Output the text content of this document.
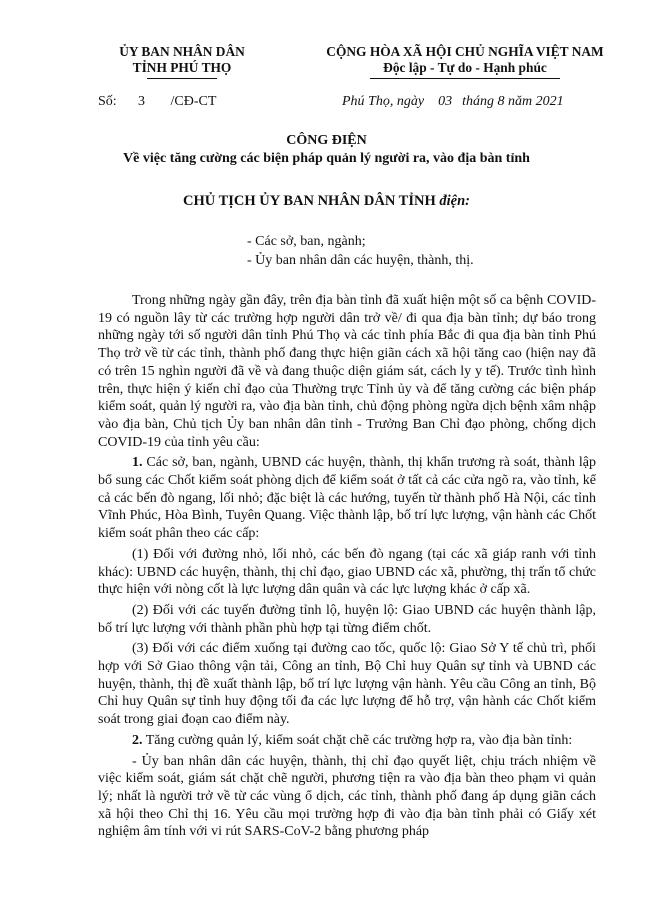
ỦY BAN NHÂN DÂN
TỈNH PHÚ THỌ
CỘNG HÒA XÃ HỘI CHỦ NGHĨA VIỆT NAM
Độc lập - Tự do - Hạnh phúc
Số: 3 /CĐ-CT	Phú Thọ, ngày 03 tháng 8 năm 2021
CÔNG ĐIỆN
Về việc tăng cường các biện pháp quản lý người ra, vào địa bàn tỉnh
CHỦ TỊCH ỦY BAN NHÂN DÂN TỈNH điện:
- Các sở, ban, ngành;
- Ủy ban nhân dân các huyện, thành, thị.

Trong những ngày gần đây, trên địa bàn tỉnh đã xuất hiện một số ca bệnh COVID-19 có nguồn lây từ các trường hợp người dân trở về/ đi qua địa bàn tỉnh; dự báo trong những ngày tới số người dân tỉnh Phú Thọ và các tỉnh phía Bắc đi qua địa bàn tỉnh Phú Thọ trở về từ các tỉnh, thành phố đang thực hiện giãn cách xã hội tăng cao (hiện nay đã có trên 15 nghìn người đã về và đang thuộc diện giám sát, cách ly y tế). Trước tình hình trên, thực hiện ý kiến chỉ đạo của Thường trực Tỉnh ủy và để tăng cường các biện pháp kiểm soát, quản lý người ra, vào địa bàn tỉnh, chủ động phòng ngừa dịch bệnh xâm nhập vào địa bàn, Chủ tịch Ủy ban nhân dân tỉnh - Trưởng Ban Chỉ đạo phòng, chống dịch COVID-19 của tỉnh yêu cầu:

1. Các sở, ban, ngành, UBND các huyện, thành, thị khẩn trương rà soát, thành lập bổ sung các Chốt kiểm soát phòng dịch để kiểm soát ở tất cả các cửa ngõ ra, vào tỉnh, kể cả các bến đò ngang, lối nhỏ; đặc biệt là các hướng, tuyến từ thành phố Hà Nội, các tỉnh Vĩnh Phúc, Hòa Bình, Tuyên Quang. Việc thành lập, bố trí lực lượng, vận hành các Chốt kiểm soát phân theo các cấp:

(1) Đối với đường nhỏ, lối nhỏ, các bến đò ngang (tại các xã giáp ranh với tỉnh khác): UBND các huyện, thành, thị chỉ đạo, giao UBND các xã, phường, thị trấn tổ chức thực hiện với nòng cốt là lực lượng dân quân và các lực lượng khác ở cấp xã.

(2) Đối với các tuyến đường tỉnh lộ, huyện lộ: Giao UBND các huyện thành lập, bố trí lực lượng với thành phần phù hợp tại từng điểm chốt.

(3) Đối với các điểm xuống tại đường cao tốc, quốc lộ: Giao Sở Y tế chủ trì, phối hợp với Sở Giao thông vận tải, Công an tỉnh, Bộ Chỉ huy Quân sự tỉnh và UBND các huyện, thành, thị đề xuất thành lập, bố trí lực lượng vận hành. Yêu cầu Công an tỉnh, Bộ Chỉ huy Quân sự tỉnh huy động tối đa các lực lượng để hỗ trợ, vận hành các Chốt kiểm soát trong giai đoạn cao điểm này.

2. Tăng cường quản lý, kiểm soát chặt chẽ các trường hợp ra, vào địa bàn tỉnh:

- Ủy ban nhân dân các huyện, thành, thị chỉ đạo quyết liệt, chịu trách nhiệm về việc kiểm soát, giám sát chặt chẽ người, phương tiện ra vào địa bàn theo phạm vi quản lý; nhất là người trở về từ các vùng ổ dịch, các tỉnh, thành phố đang áp dụng giãn cách xã hội theo Chỉ thị 16. Yêu cầu mọi trường hợp đi vào địa bàn tỉnh phải có Giấy xét nghiệm âm tính với vi rút SARS-CoV-2 bằng phương pháp
